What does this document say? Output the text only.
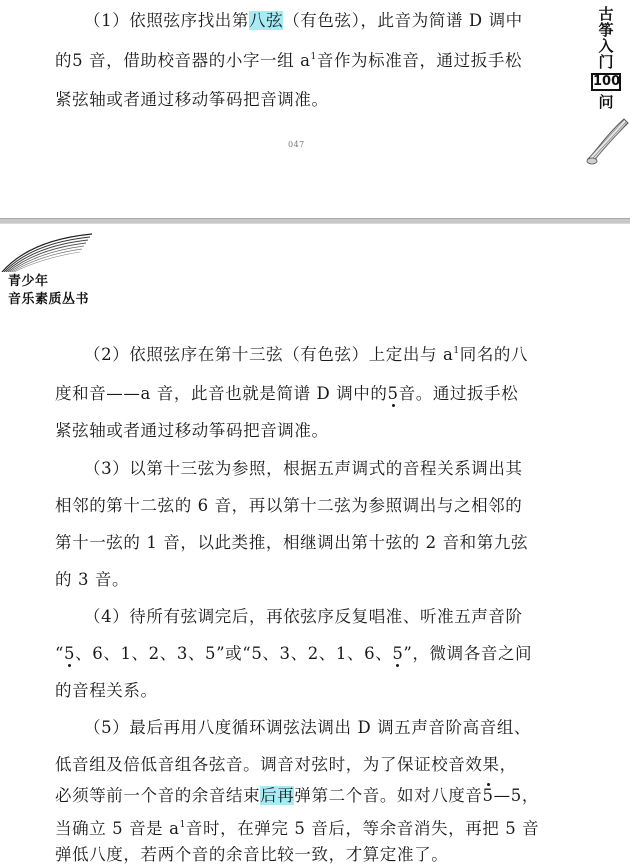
（1）依照弦序找出第八弦（有色弦），此音为简谱 D 调中
的5 音，借助校音器的小字一组 $a^1$音作为标准音，通过扳手松
紧弦轴或者通过移动筝码把音调准。
047
古
筝
入
门
100
问
青少年
音乐素质丛书
（2）依照弦序在第十三弦（有色弦）上定出与 $a^1$同名的八
度和音——a 音，此音也就是简谱 D 调中的5音。通过扳手松
紧弦轴或者通过移动筝码把音调准。
（3）以第十三弦为参照，根据五声调式的音程关系调出其
相邻的第十二弦的 6 音，再以第十二弦为参照调出与之相邻的
第十一弦的 1 音，以此类推，相继调出第十弦的 2 音和第九弦
的 3 音。
（4）待所有弦调完后，再依弦序反复唱准、听准五声音阶
“5、6、1、2、3、5”或“5、3、2、1、6、5”，微调各音之间
的音程关系。
（5）最后再用八度循环调弦法调出 D 调五声音阶高音组、
低音组及倍低音组各弦音。调音对弦时，为了保证校音效果，
必须等前一个音的余音结束后再弹第二个音。如对八度音5—5，
当确立 5 音是 $a^1$音时，在弹完 5 音后，等余音消失，再把 5 音
弹低八度，若两个音的余音比较一致，才算定准了。
